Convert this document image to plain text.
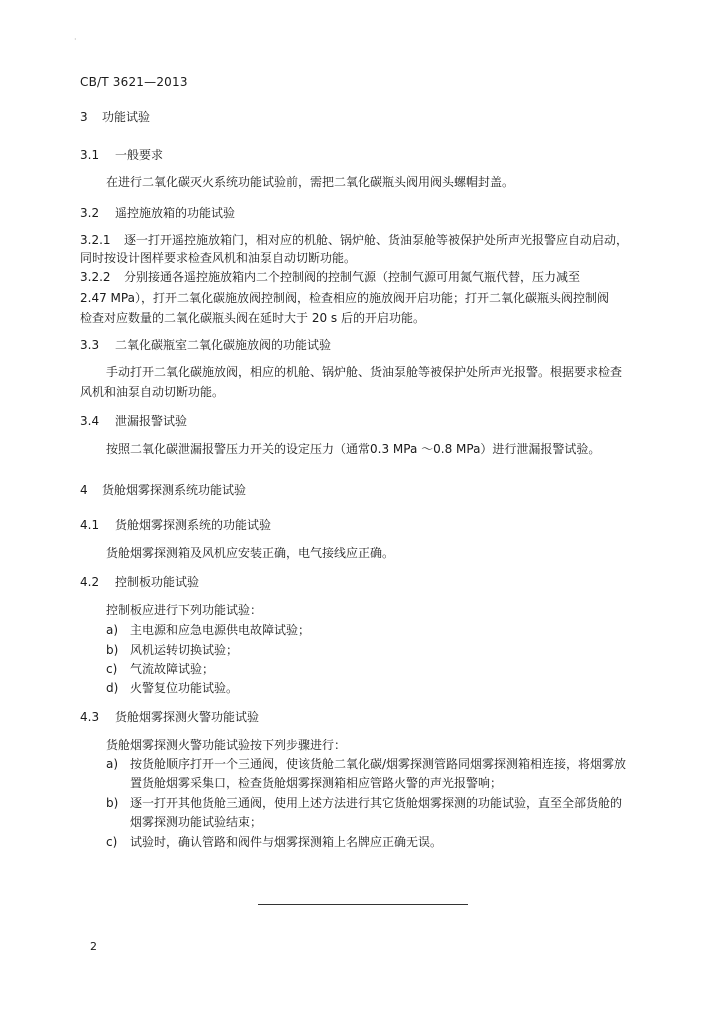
·
CB/T 3621—2013
3 功能试验
3.1 一般要求
在进行二氧化碳灭火系统功能试验前，需把二氧化碳瓶头阀用阀头螺帽封盖。
3.2 遥控施放箱的功能试验
3.2.1 逐一打开遥控施放箱门，相对应的机舱、锅炉舱、货油泵舱等被保护处所声光报警应自动启动，
同时按设计图样要求检查风机和油泵自动切断功能。
3.2.2 分别接通各遥控施放箱内二个控制阀的控制气源（控制气源可用氮气瓶代替，压力减至
2.47 MPa），打开二氧化碳施放阀控制阀，检查相应的施放阀开启功能；打开二氧化碳瓶头阀控制阀
检查对应数量的二氧化碳瓶头阀在延时大于 20 s 后的开启功能。
3.3 二氧化碳瓶室二氧化碳施放阀的功能试验
手动打开二氧化碳施放阀，相应的机舱、锅炉舱、货油泵舱等被保护处所声光报警。根据要求检查
风机和油泵自动切断功能。
3.4 泄漏报警试验
按照二氧化碳泄漏报警压力开关的设定压力（通常0.3 MPa ～0.8 MPa）进行泄漏报警试验。
4 货舱烟雾探测系统功能试验
4.1 货舱烟雾探测系统的功能试验
货舱烟雾探测箱及风机应安装正确，电气接线应正确。
4.2 控制板功能试验
控制板应进行下列功能试验：
a) 主电源和应急电源供电故障试验；
b) 风机运转切换试验；
c) 气流故障试验；
d) 火警复位功能试验。
4.3 货舱烟雾探测火警功能试验
货舱烟雾探测火警功能试验按下列步骤进行：
a) 按货舱顺序打开一个三通阀，使该货舱二氧化碳/烟雾探测管路同烟雾探测箱相连接，将烟雾放
置货舱烟雾采集口，检查货舱烟雾探测箱相应管路火警的声光报警响；
b) 逐一打开其他货舱三通阀，使用上述方法进行其它货舱烟雾探测的功能试验，直至全部货舱的
烟雾探测功能试验结束；
c) 试验时，确认管路和阀件与烟雾探测箱上名牌应正确无误。
2
